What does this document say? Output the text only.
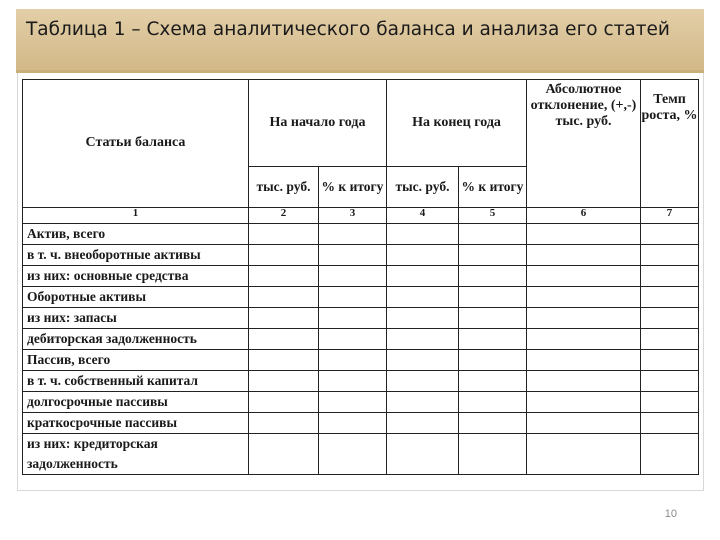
Таблица 1 – Схема аналитического баланса и анализа его статей
Статьи баланса	На начало года		На конец года		Абсолютное отклонение, (+,-) тыс. руб.	Темп роста, %
	тыс. руб.	% к итогу	тыс. руб.	% к итогу		
1	2	3	4	5	6	7
Актив, всего						
в т. ч. внеоборотные активы						
из них: основные средства						
Оборотные активы						
из них: запасы						
дебиторская задолженность						
Пассив, всего						
в т. ч. собственный капитал						
долгосрочные пассивы						
краткосрочные пассивы						
из них: кредиторская задолженность						
10
